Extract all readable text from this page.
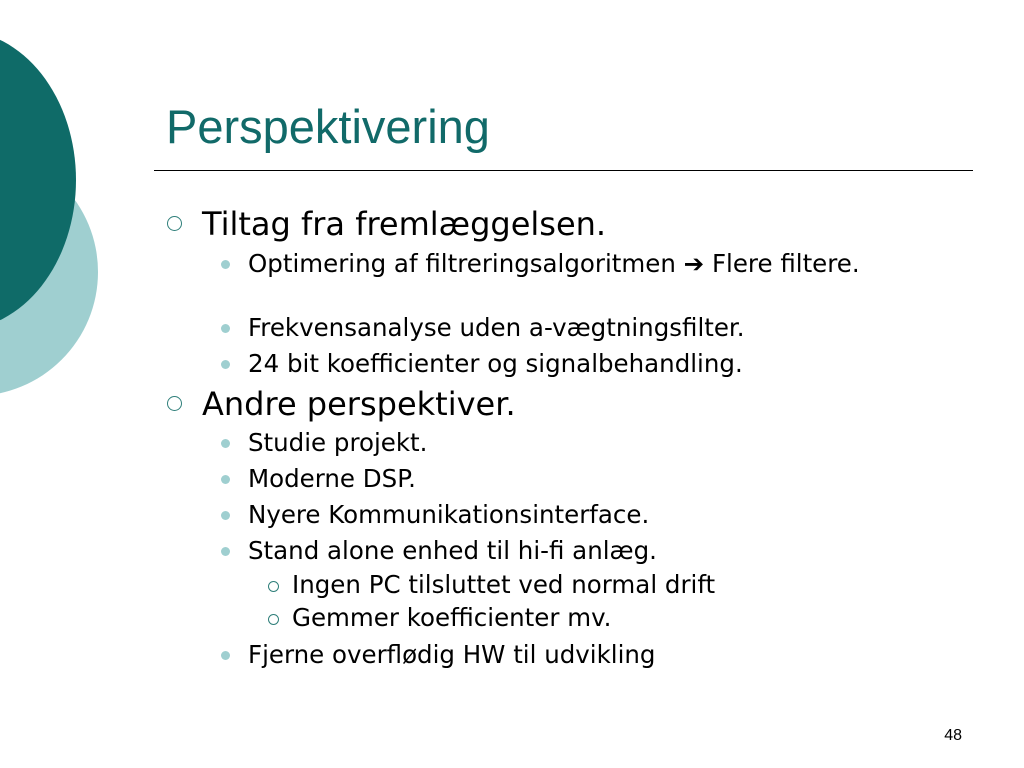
Perspektivering
Tiltag fra fremlæggelsen.
Optimering af filtreringsalgoritmen ➔ Flere filtere.
Frekvensanalyse uden a-vægtningsfilter.
24 bit koefficienter og signalbehandling.
Andre perspektiver.
Studie projekt.
Moderne DSP.
Nyere Kommunikationsinterface.
Stand alone enhed til hi-fi anlæg.
Ingen PC tilsluttet ved normal drift
Gemmer koefficienter mv.
Fjerne overflødig HW til udvikling
48
